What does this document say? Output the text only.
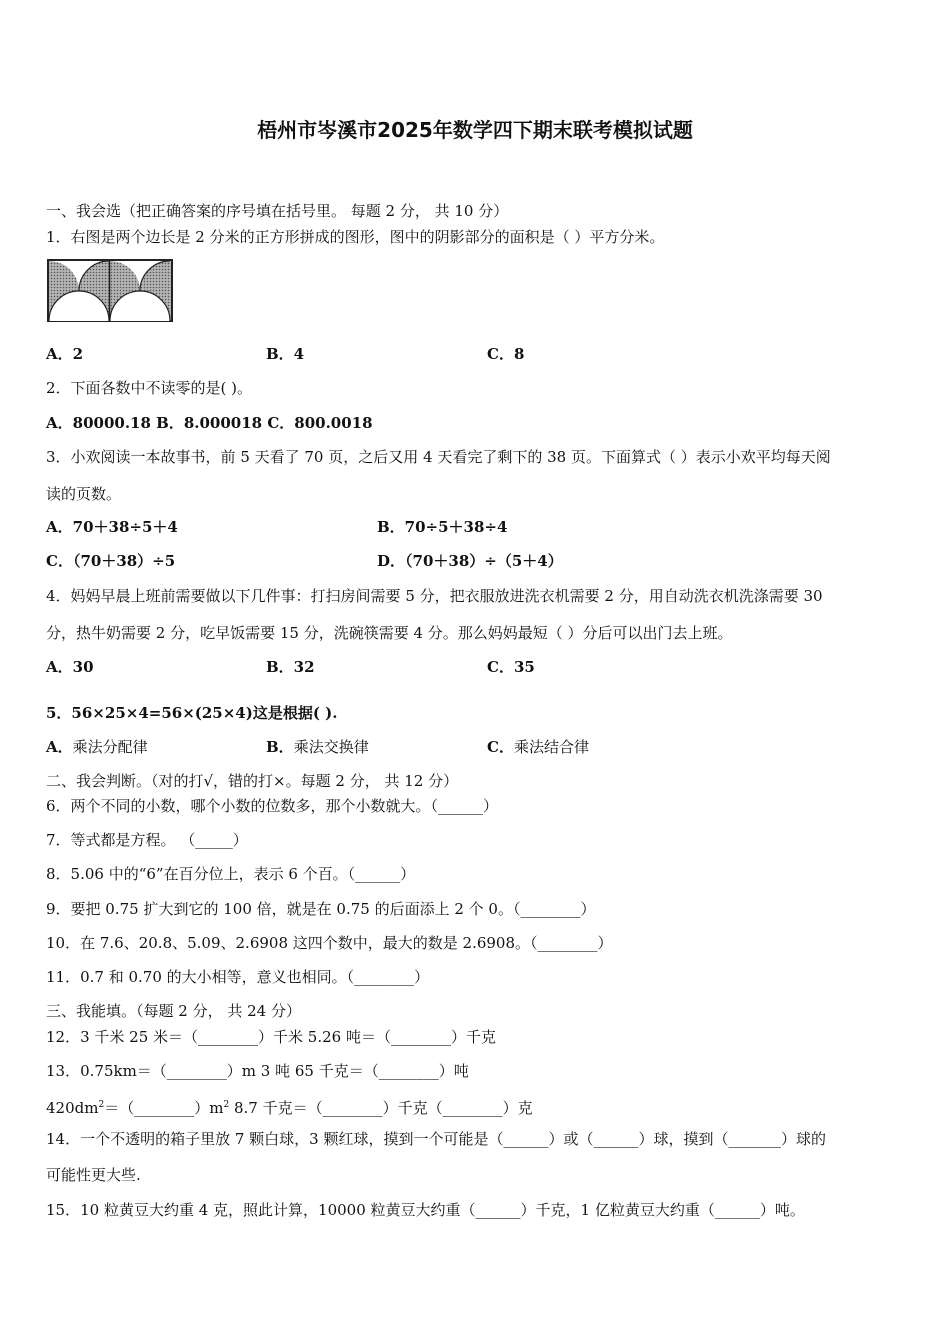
梧州市岑溪市2025年数学四下期末联考模拟试题
一、我会选（把正确答案的序号填在括号里。 每题 2 分， 共 10 分）
1．右图是两个边长是 2 分米的正方形拼成的图形，图中的阴影部分的面积是（ ）平方分米。
A．2	B．4	C．8
2．下面各数中不读零的是( )。
A．80000.18 B．8.000018 C．800.0018
3．小欢阅读一本故事书，前 5 天看了 70 页，之后又用 4 天看完了剩下的 38 页。下面算式（ ）表示小欢平均每天阅
读的页数。
A．70＋38÷5＋4	B．70÷5＋38÷4
C．（70＋38）÷5	D．（70＋38）÷（5＋4）
4．妈妈早晨上班前需要做以下几件事：打扫房间需要 5 分，把衣服放进洗衣机需要 2 分，用自动洗衣机洗涤需要 30
分，热牛奶需要 2 分，吃早饭需要 15 分，洗碗筷需要 4 分。那么妈妈最短（ ）分后可以出门去上班。
A．30	B．32	C．35
5．56×25×4=56×(25×4)这是根据( ).
A．乘法分配律	B．乘法交换律	C．乘法结合律
二、我会判断。（对的打√，错的打×。每题 2 分， 共 12 分）
6．两个不同的小数，哪个小数的位数多，那个小数就大。（______）
7．等式都是方程。 （_____）
8．5.06 中的“6”在百分位上，表示 6 个百。（______）
9．要把 0.75 扩大到它的 100 倍，就是在 0.75 的后面添上 2 个 0。（________）
10．在 7.6、20.8、5.09、2.6908 这四个数中，最大的数是 2.6908。（________）
11．0.7 和 0.70 的大小相等，意义也相同。（________）
三、我能填。（每题 2 分， 共 24 分）
12．3 千米 25 米＝（________）千米 5.26 吨＝（________）千克
13．0.75km＝（________）m 3 吨 65 千克＝（________）吨
$420dm^2=(\_\_\_\_\_\_\_\_)m^2$ 8.7 千克＝（________）千克（________）克
14．一个不透明的箱子里放 7 颗白球，3 颗红球，摸到一个可能是（______）或（______）球，摸到（_______）球的
可能性更大些.
15．10 粒黄豆大约重 4 克，照此计算，10000 粒黄豆大约重（______）千克，1 亿粒黄豆大约重（______）吨。
